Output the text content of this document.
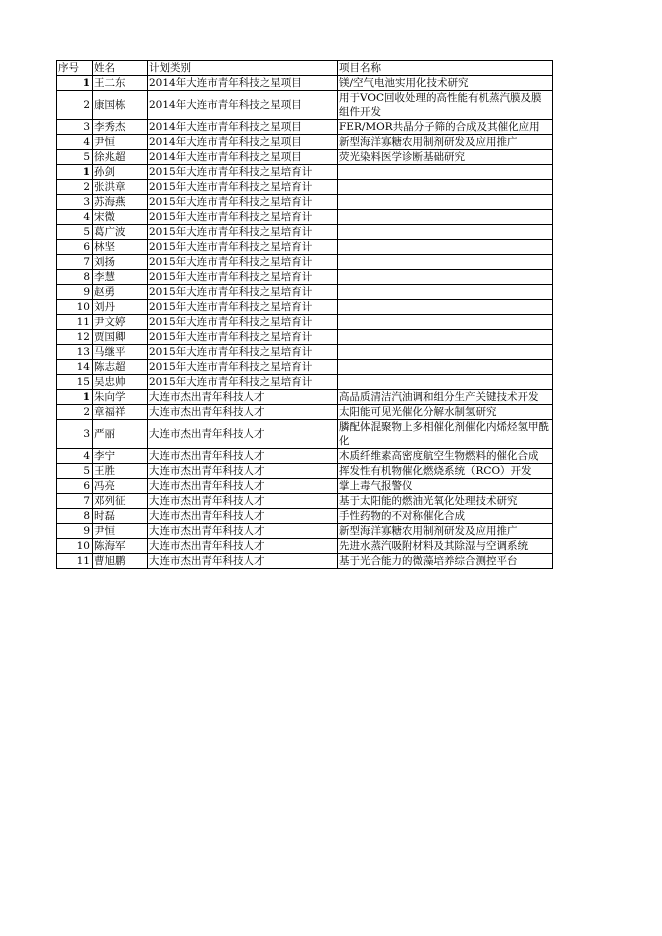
序号	姓名	计划类别	项目名称
1	王二东	2014年大连市青年科技之星项目	镁/空气电池实用化技术研究
2	康国栋	2014年大连市青年科技之星项目	用于VOC回收处理的高性能有机蒸汽膜及膜组件开发
3	李秀杰	2014年大连市青年科技之星项目	FER/MOR共晶分子筛的合成及其催化应用
4	尹恒	2014年大连市青年科技之星项目	新型海洋寡糖农用制剂研发及应用推广
5	徐兆超	2014年大连市青年科技之星项目	荧光染料医学诊断基础研究
1	孙剑	2015年大连市青年科技之星培育计	
2	张洪章	2015年大连市青年科技之星培育计	
3	苏海燕	2015年大连市青年科技之星培育计	
4	宋微	2015年大连市青年科技之星培育计	
5	葛广波	2015年大连市青年科技之星培育计	
6	林坚	2015年大连市青年科技之星培育计	
7	刘扬	2015年大连市青年科技之星培育计	
8	李慧	2015年大连市青年科技之星培育计	
9	赵勇	2015年大连市青年科技之星培育计	
10	刘丹	2015年大连市青年科技之星培育计	
11	尹文婷	2015年大连市青年科技之星培育计	
12	贾国卿	2015年大连市青年科技之星培育计	
13	马继平	2015年大连市青年科技之星培育计	
14	陈志超	2015年大连市青年科技之星培育计	
15	吴忠帅	2015年大连市青年科技之星培育计	
1	朱向学	大连市杰出青年科技人才	高品质清洁汽油调和组分生产关键技术开发
2	章福祥	大连市杰出青年科技人才	太阳能可见光催化分解水制氢研究
3	严丽	大连市杰出青年科技人才	膦配体混聚物上多相催化剂催化内烯烃氢甲酰化
4	李宁	大连市杰出青年科技人才	木质纤维素高密度航空生物燃料的催化合成
5	王胜	大连市杰出青年科技人才	挥发性有机物催化燃烧系统（RCO）开发
6	冯亮	大连市杰出青年科技人才	掌上毒气报警仪
7	邓列征	大连市杰出青年科技人才	基于太阳能的燃油光氧化处理技术研究
8	时磊	大连市杰出青年科技人才	手性药物的不对称催化合成
9	尹恒	大连市杰出青年科技人才	新型海洋寡糖农用制剂研发及应用推广
10	陈海军	大连市杰出青年科技人才	先进水蒸汽吸附材料及其除湿与空调系统
11	曹旭鹏	大连市杰出青年科技人才	基于光合能力的微藻培养综合测控平台
